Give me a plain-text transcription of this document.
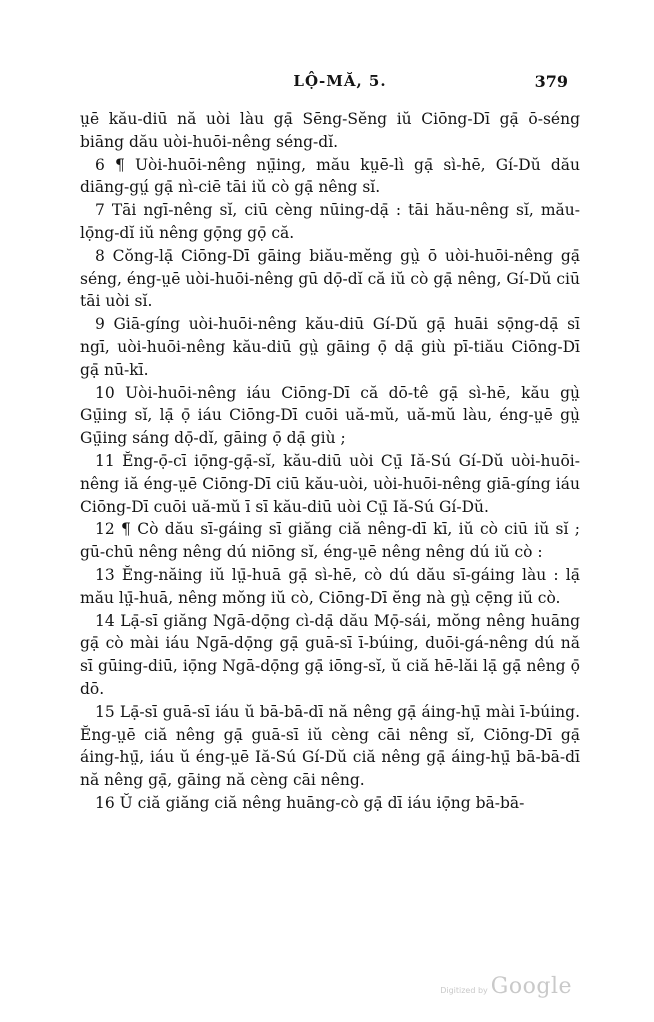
LỘ-MĂ, 5.	379

ṳē kău-diū nă uòi làu gạ̄ Sēng-Sĕng iŭ Ciōng-Dī gạ̄ ō-séng biāng dău uòi-huōi-nêng séng-dĭ.

6 ¶ Uòi-huōi-nêng nṳ̄ing, mău kṳē-lì gạ̄ sì-hē, Gí-Dŭ dău diāng-gṳ́ gạ̄ nì-ciē tāi iŭ cò gạ̄ nêng sĭ.

7 Tāi ngī-nêng sĭ, ciū cèng nūing-dạ̄ : tāi hău-nêng sĭ, mău-lọ̄ng-dĭ iŭ nêng gọ̄ng gọ̄ că.

8 Cŏng-lạ̄ Ciōng-Dī gāing biău-mĕng gṳ̀ ō uòi-huōi-nêng gạ̄ séng, éng-ṳē uòi-huōi-nêng gū dọ̄-dĭ că iŭ cò gạ̄ nêng, Gí-Dŭ ciū tāi uòi sĭ.

9 Giā-gíng uòi-huōi-nêng kău-diū Gí-Dŭ gạ̄ huāi sọ̄ng-dạ̄ sī ngī, uòi-huōi-nêng kău-diū gṳ̀ gāing ọ̄ dạ̄ giù pī-tiău Ciōng-Dī gạ̄ nū-kī.

10 Uòi-huōi-nêng iáu Ciōng-Dī că dō-tê gạ̄ sì-hē, kău gṳ̀ Gṳ̄ing sĭ, lạ̄ ọ̄ iáu Ciōng-Dī cuōi uă-mŭ, uă-mŭ làu, éng-ṳē gṳ̀ Gṳ̄ing sáng dọ̄-dĭ, gāing ọ̄ dạ̄ giù ;

11 Ĕng-ọ̄-cī iọ̄ng-gạ̄-sĭ, kău-diū uòi Cṳ̄ Iă-Sú Gí-Dŭ uòi-huōi-nêng iă éng-ṳē Ciōng-Dī ciū kău-uòi, uòi-huōi-nêng giā-gíng iáu Ciōng-Dī cuōi uă-mŭ ī sī kău-diū uòi Cṳ̄ Iă-Sú Gí-Dŭ.

12 ¶ Cò dău sī-gáing sī giăng ciă nêng-dī kī, iŭ cò ciū iŭ sĭ ; gū-chū nêng nêng dú niōng sĭ, éng-ṳē nêng nêng dú iŭ cò :

13 Ĕng-năing iŭ lṳ̄-huā gạ̄ sì-hē, cò dú dău sī-gáing làu : lạ̄ mău lṳ̄-huā, nêng mŏng iŭ cò, Ciōng-Dī ĕng nà gṳ̀ cẹ̄ng iŭ cò.

14 Lạ̄-sī giăng Ngā-dọ̄ng cì-dạ̄ dău Mọ̄-sái, mŏng nêng huāng gạ̄ cò mài iáu Ngā-dọ̄ng gạ̄ guā-sī ī-búing, duōi-gá-nêng dú nă sī gūing-diū, iọ̄ng Ngā-dọ̄ng gạ̄ iōng-sĭ, ŭ ciă hē-lăi lạ̄ gạ̄ nêng ọ̄ dō.

15 Lạ̄-sī guā-sī iáu ŭ bā-bā-dī nă nêng gạ̄ áing-hṳ̄ mài ī-búing. Ĕng-ṳē ciă nêng gạ̄ guā-sī iŭ cèng cāi nêng sĭ, Ciōng-Dī gạ̄ áing-hṳ̄, iáu ŭ éng-ṳē Iă-Sú Gí-Dŭ ciă nêng gạ̄ áing-hṳ̄ bā-bā-dī nă nêng gạ̄, gāing nă cèng cāi nêng.

16 Ŭ ciă giăng ciă nêng huāng-cò gạ̄ dī iáu iọ̄ng bā-bā-

Digitized by Google
